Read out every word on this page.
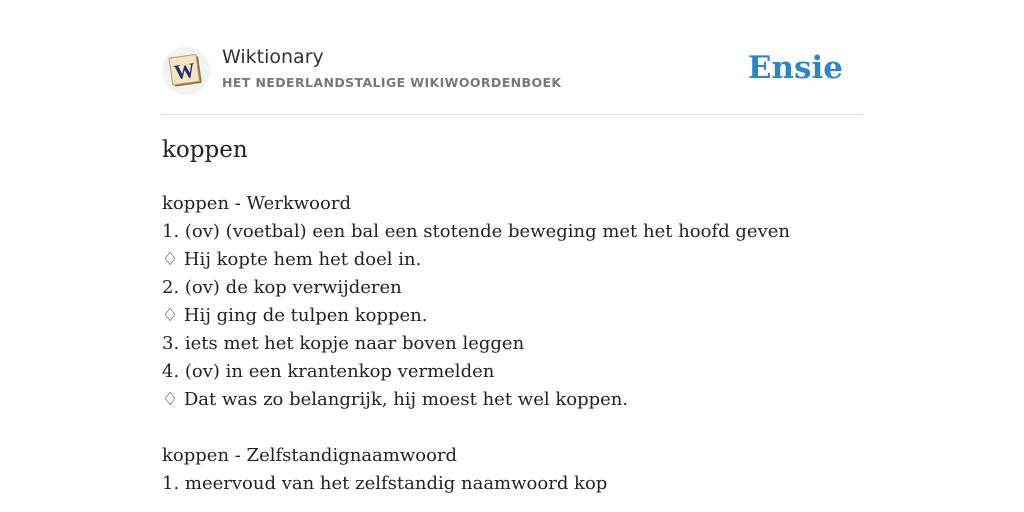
W
Wiktionary
HET NEDERLANDSTALIGE WIKIWOORDENBOEK	Ensie
koppen
koppen - Werkwoord
1. (ov) (voetbal) een bal een stotende beweging met het hoofd geven
♢ Hij kopte hem het doel in.
2. (ov) de kop verwijderen
♢ Hij ging de tulpen koppen.
3. iets met het kopje naar boven leggen
4. (ov) in een krantenkop vermelden
♢ Dat was zo belangrijk, hij moest het wel koppen.
koppen - Zelfstandignaamwoord
1. meervoud van het zelfstandig naamwoord kop
